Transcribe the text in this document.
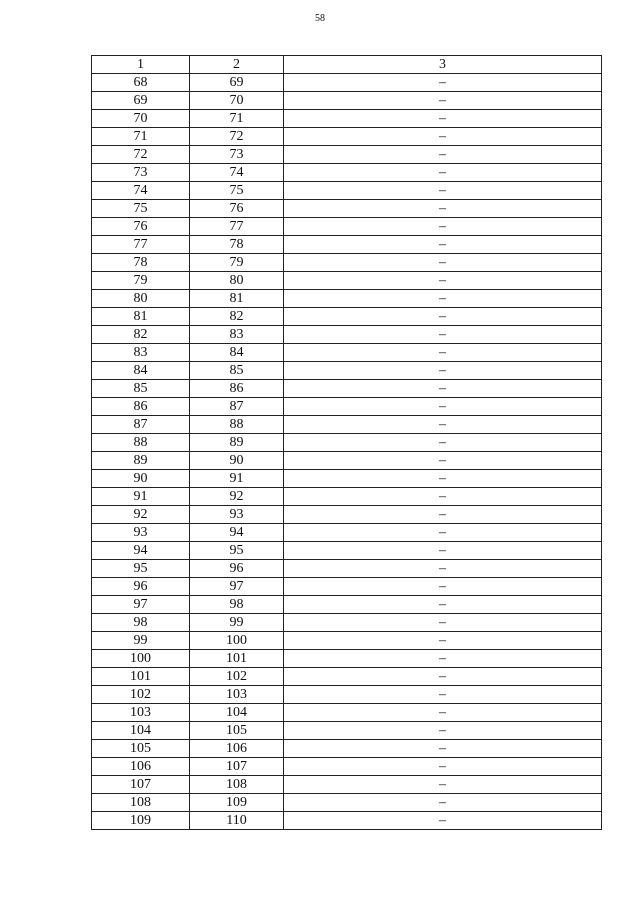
58
1	2	3
68	69	–
69	70	–
70	71	–
71	72	–
72	73	–
73	74	–
74	75	–
75	76	–
76	77	–
77	78	–
78	79	–
79	80	–
80	81	–
81	82	–
82	83	–
83	84	–
84	85	–
85	86	–
86	87	–
87	88	–
88	89	–
89	90	–
90	91	–
91	92	–
92	93	–
93	94	–
94	95	–
95	96	–
96	97	–
97	98	–
98	99	–
99	100	–
100	101	–
101	102	–
102	103	–
103	104	–
104	105	–
105	106	–
106	107	–
107	108	–
108	109	–
109	110	–
